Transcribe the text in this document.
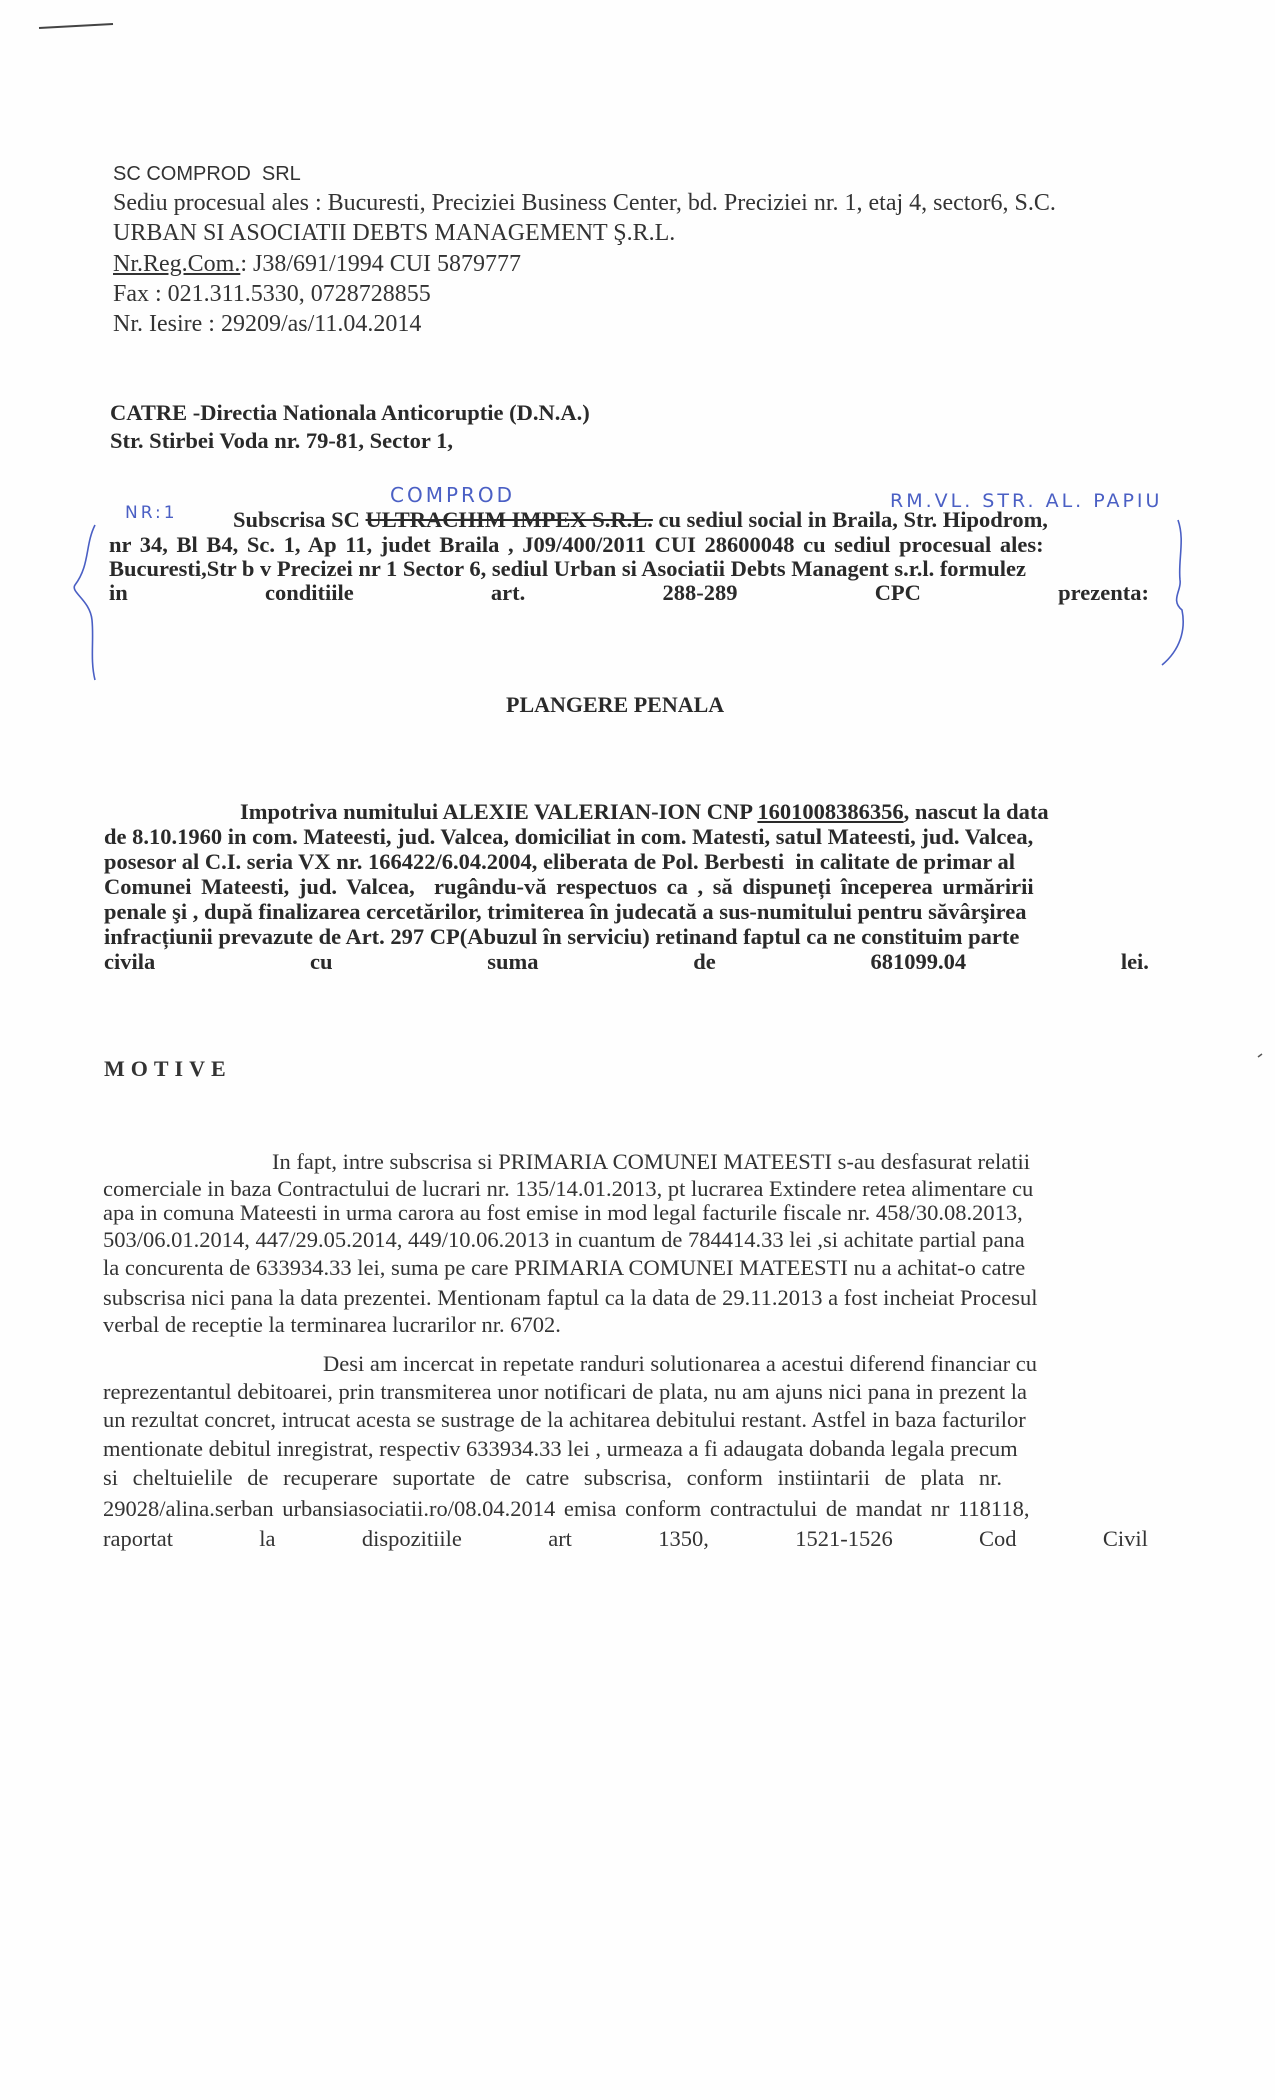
SC COMPROD  SRL
Sediu procesual ales : Bucuresti, Preciziei Business Center, bd. Preciziei nr. 1, etaj 4, sector6, S.C.
URBAN SI ASOCIATII DEBTS MANAGEMENT Ş.R.L.
Nr.Reg.Com.: J38/691/1994 CUI 5879777
Fax : 021.311.5330, 0728728855
Nr. Iesire : 29209/as/11.04.2014
CATRE -Directia Nationala Anticoruptie (D.N.A.)
Str. Stirbei Voda nr. 79-81, Sector 1,
NR:1
COMPROD	RM.VL. STR. AL. PAPIU
Subscrisa SC ULTRACHIM IMPEX S.R.L. cu sediul social in Braila, Str. Hipodrom,
nr 34, Bl B4, Sc. 1, Ap 11, judet Braila , J09/400/2011 CUI 28600048 cu sediul procesual ales:
Bucuresti,Str b v Precizei nr 1 Sector 6, sediul Urban si Asociatii Debts Managent s.r.l. formulez
in	conditiile	art.	288-289	CPC	prezenta:
PLANGERE PENALA
Impotriva numitului ALEXIE VALERIAN-ION CNP 1601008386356, nascut la data
de 8.10.1960 in com. Mateesti, jud. Valcea, domiciliat in com. Matesti, satul Mateesti, jud. Valcea,
posesor al C.I. seria VX nr. 166422/6.04.2004, eliberata de Pol. Berbesti  in calitate de primar al
Comunei Mateesti, jud. Valcea,  rugându-vă respectuos ca , să dispuneți începerea urmăririi
penale şi , după finalizarea cercetărilor, trimiterea în judecată a sus-numitului pentru săvârşirea
infracțiunii prevazute de Art. 297 CP(Abuzul în serviciu) retinand faptul ca ne constituim parte
civila	cu	suma	de	681099.04	lei.
MOTIVE
In fapt, intre subscrisa si PRIMARIA COMUNEI MATEESTI s-au desfasurat relatii
comerciale in baza Contractului de lucrari nr. 135/14.01.2013, pt lucrarea Extindere retea alimentare cu
apa in comuna Mateesti in urma carora au fost emise in mod legal facturile fiscale nr. 458/30.08.2013,
503/06.01.2014, 447/29.05.2014, 449/10.06.2013 in cuantum de 784414.33 lei ,si achitate partial pana
la concurenta de 633934.33 lei, suma pe care PRIMARIA COMUNEI MATEESTI nu a achitat-o catre
subscrisa nici pana la data prezentei. Mentionam faptul ca la data de 29.11.2013 a fost incheiat Procesul
verbal de receptie la terminarea lucrarilor nr. 6702.
Desi am incercat in repetate randuri solutionarea a acestui diferend financiar cu
reprezentantul debitoarei, prin transmiterea unor notificari de plata, nu am ajuns nici pana in prezent la
un rezultat concret, intrucat acesta se sustrage de la achitarea debitului restant. Astfel in baza facturilor
mentionate debitul inregistrat, respectiv 633934.33 lei , urmeaza a fi adaugata dobanda legala precum
si cheltuielile de recuperare suportate de catre subscrisa, conform instiintarii de plata nr.
29028/alina.serban urbansiasociatii.ro/08.04.2014 emisa conform contractului de mandat nr 118118,
raportat	la	dispozitiile	art	1350,	1521-1526	Cod	Civil
